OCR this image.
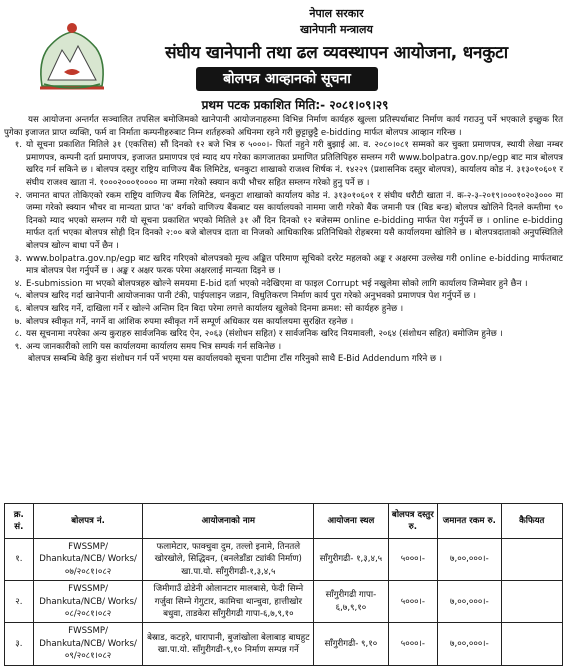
नेपाल सरकार
खानेपानी मन्त्रालय
संघीय खानेपानी तथा ढल व्यवस्थापन आयोजना, धनकुटा
बोलपत्र आव्हानको सूचना
प्रथम पटक प्रकाशित मिति:- २०८१।०९।२९

यस आयोजना अन्तर्गत सञ्चालित तपसिल बमोजिमको खानेपानी आयोजनाहरुमा विभिन्न निर्माण कार्यहरु खुल्ला प्रतिस्पर्धाबाट निर्माण कार्य गराउनु पर्ने भएकाले इच्छुक रित पुगेका इजाजत प्राप्त व्यक्ति, फर्म वा निर्माता कम्पनीहरुबाट निम्न शर्तहरुको अधिनमा रहने गरी छुट्टाछुट्टै e-bidding मार्फत बोलपत्र आव्हान गरिन्छ ।

१. यो सूचना प्रकाशित मितिले ३१ (एकत्तिस) सौं दिनको १२ बजे भित्र रु ५०००।- फिर्ता नहुने गरी बुझाई आ. व. २०८०।०८१ सम्मको कर चुक्ता प्रमाणपत्र, स्थायी लेखा नम्बर प्रमाणपत्र, कम्पनी दर्ता प्रमाणपत्र, इजाजत प्रमाणपत्र एवं म्याद थप गरेका कागजातका प्रमाणित प्रतिलिपिहरु सम्लग्न गरी www.bolpatra.gov.np/egp बाट मात्र बोलपत्र खरिद गर्न सकिने छ । बोलपत्र दस्तुर राष्ट्रिय वाणिज्य बैंक लिमिटेड, धनकुटा शाखाको राजश्व शिर्षक नं. १४२२९ (प्रशासनिक दस्तुर बोलपत्र), कार्यालय कोड नं. ३१३०१०६०१ र संघीय राजश्व खाता नं. १०००२०००१०००० मा जम्मा गरेको स्क्यान कपी भौचर सहित सम्लग्न गरेको हुनु पर्ने छ ।
२. जमानत बापत तोकिएको रकम राष्ट्रिय वाणिज्य बैंक लिमिटेड, धनकुटा शाखाको कार्यालय कोड नं. ३१३०१०६०१ र संघीय धरौटी खाता नं. क-२-३-२०१९।०००१०२०३००० मा जम्मा गरेको स्क्यान भौचर वा मान्यता प्राप्त 'क' वर्गको वाणिज्य बैंकबाट यस कार्यालयको नाममा जारी गरेको बैंक जमानी पत्र (बिड बन्ड) बोलपत्र खोलिने दिनले कम्तीमा ९० दिनको म्याद भएको सम्लग्न गरी यो सूचना प्रकाशित भएको मितिले ३१ औं दिन दिनको १२ बजेसम्म online e-bidding मार्फत पेश गर्नुपर्ने छ । online e-bidding मार्फत दर्ता भएका बोलपत्र सोही दिन दिनको २:०० बजे बोलपत्र दाता वा निजको आधिकारिक प्रतिनिधिको रोहबरमा यसै कार्यालयमा खोलिने छ । बोलपत्रदाताको अनुपस्थितिले बोलपत्र खोल्न बाधा पर्ने छैन ।
३. www.bolpatra.gov.np/egp बाट खरिद गरिएको बोलपत्रको मूल्य अङ्कित परिमाण सूचिको दररेट महलको अङ्क र अक्षरमा उल्लेख गरी online e-bidding मार्फतबाट मात्र बोलपत्र पेश गर्नुपर्ने छ । अङ्क र अक्षर फरक परेमा अक्षरलाई मान्यता दिइने छ ।
४. E-submission मा भएको बोलपत्रहरु खोल्ने समयमा E-bid दर्ता भएको नदेखिएमा वा फाइल Corrupt भई नखुलेमा सोको लागि कार्यालय जिम्मेवार हुने छैन ।
५. बोलपत्र खरिद गर्दा खानेपानी आयोजनाका पानी टंकी, पाईपलाइन जडान, विधुतिकरण निर्माण कार्य पुरा गरेको अनुभवको प्रमाणपत्र पेश गर्नुपर्ने छ ।
६. बोलपत्र खरिद गर्ने, दाखिला गर्ने र खोल्ने अन्तिम दिन बिदा परेमा लगत्ते कार्यालय खुलेको दिनमा क्रमश: सो कार्यहरु हुनेछ ।
७. बोलपत्र स्वीकृत गर्ने, नगर्ने वा आंशिक रुपमा स्वीकृत गर्ने सम्पूर्ण अधिकार यस कार्यालयमा सुरक्षित रहनेछ ।
८. यस सूचनामा नपरेका अन्य कुराहरु सार्वजनिक खरिद ऐन, २०६३ (संशोधन सहित) र सार्वजनिक खरिद नियमावली, २०६४ (संशोधन सहित) बमोजिम हुनेछ ।
९. अन्य जानकारीको लागि यस कार्यालयमा कार्यालय समय भित्र सम्पर्क गर्न सकिनेछ ।

बोलपत्र सम्बन्धि केहि कुरा संशोधन गर्न पर्ने भएमा यस कार्यालयको सूचना पाटीमा टाँस गरिनुको साथै E-Bid Addendum गरिने छ ।

क्र. सं.	बोलपत्र नं.	आयोजनाको नाम	आयोजना स्थल	बोलपत्र दस्तुर रु.	जमानत रकम रु.	कैफियत
१.	FWSSMP/ Dhankuta/NCB/ Works/०७/२०८१।०८२	फलामेटार, फाक्चुवा दुम, तल्लो इनामे, तिनतले खोरखोले, सिद्धिवन, (बनलेडाँडा ट्यांकी निर्माण) खा.पा.यो. साँगुरीगढी-१,३,४,५	साँगुरीगढी- १,३,४,५	५०००।-	७,००,०००।-	
२.	FWSSMP/ Dhankuta/NCB/ Works/०८/२०८१।०८२	जिमीगाउँ ढोडेनी ओलानटार मालबासे, फेदी सिम्ने गर्जुवा सिम्ने गेगुटार, कामिचा थान्चुवा, हात्तीखोर बधुवा, ताडकेरा साँगुरीगढी गापा-६,७,९,१०	साँगुरीगढी गापा- ६,७,९,१०	५०००।-	७,००,०००।-	
३.	FWSSMP/ Dhankuta/NCB/ Works/०९/२०८१।०८२	बेस्राड, कटहरे, धारापानी, बुजांखोला बेलाबाड़ बाघहुट खा.पा.यो. साँगुरीगढी-९,१० निर्माण सम्पन्न गर्ने	साँगुरीगढी- ९,१०	५०००।-	७,००,०००।-	
